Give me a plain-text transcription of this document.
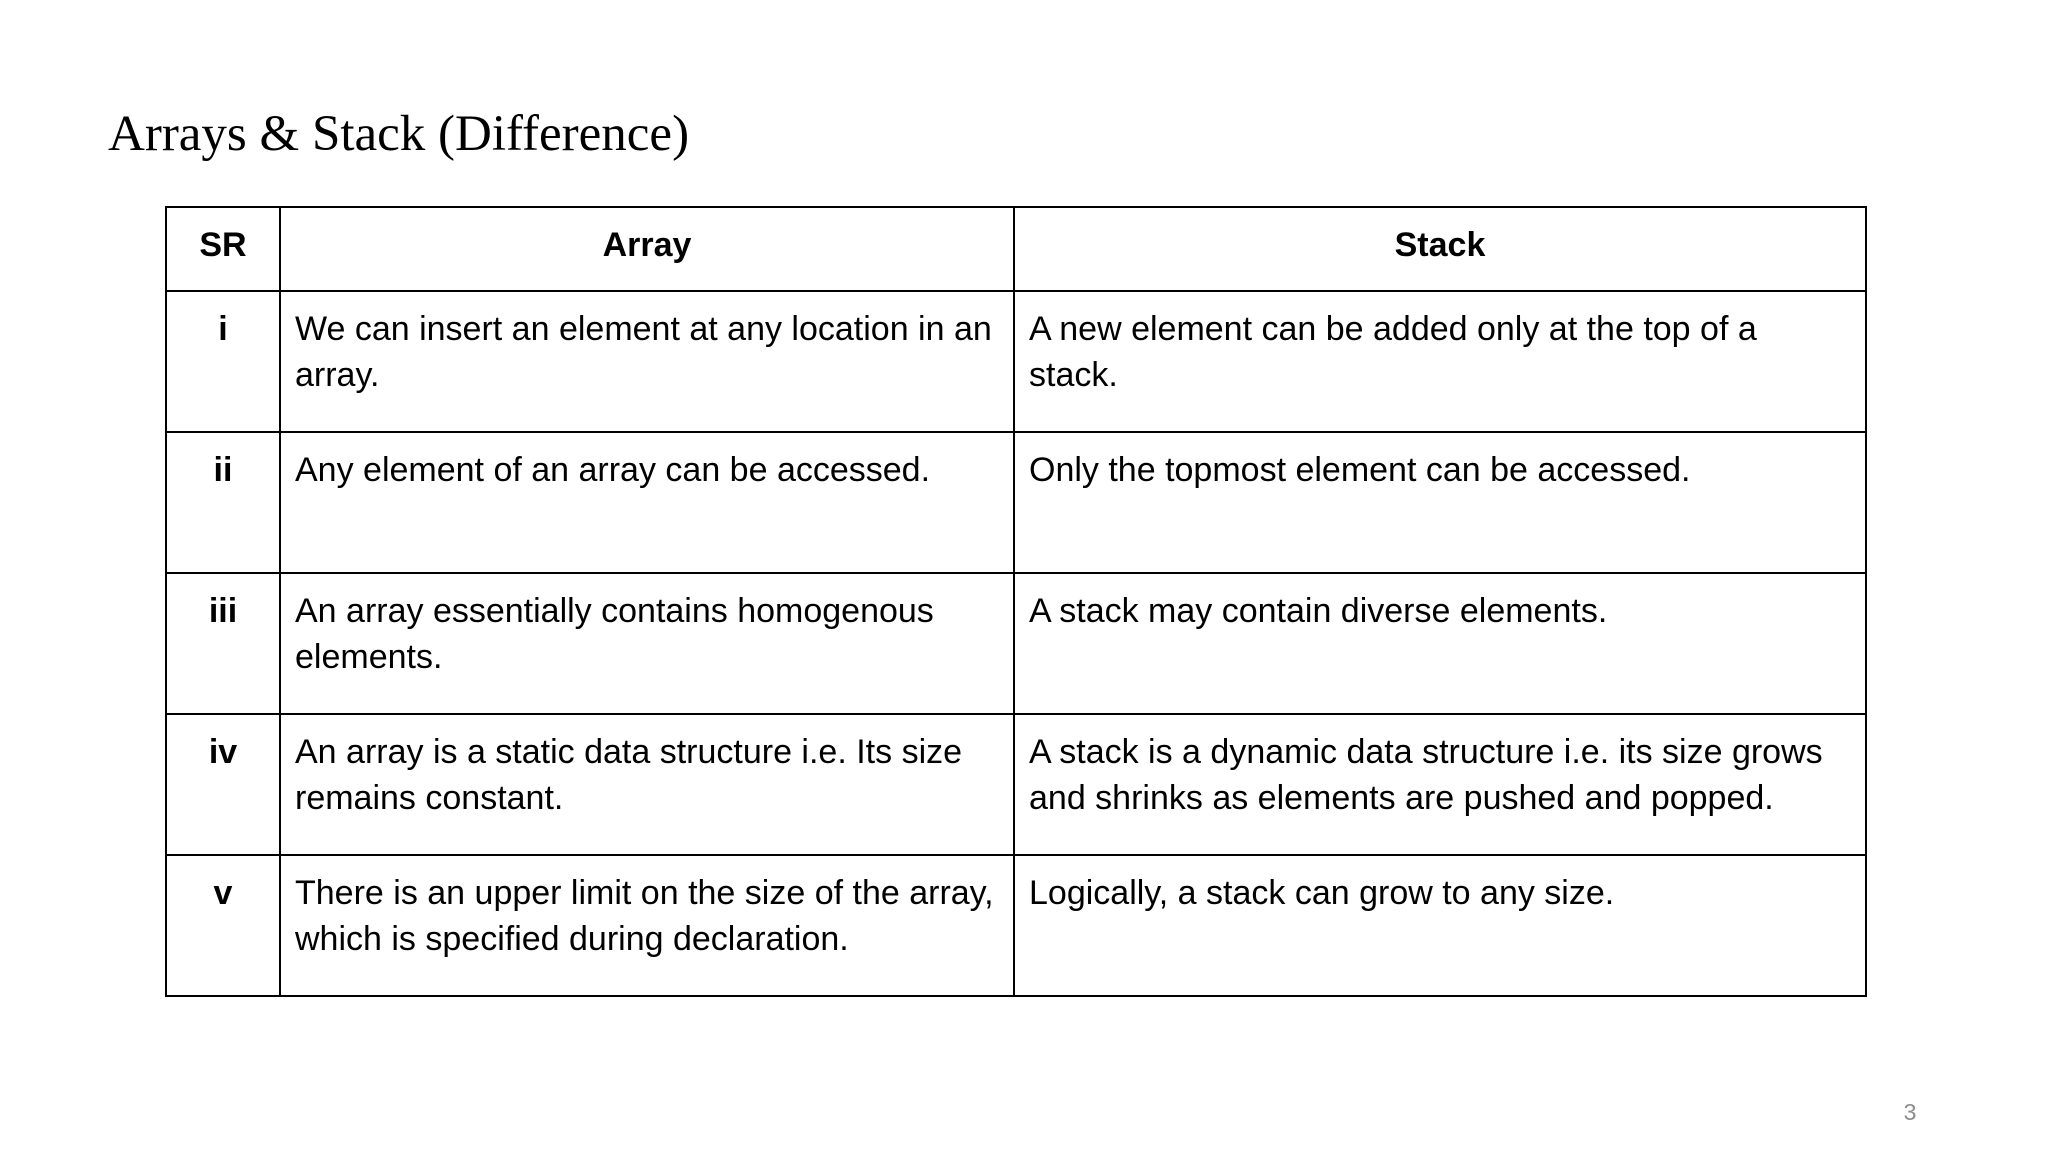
Arrays & Stack (Difference)
SR	Array	Stack
i	We can insert an element at any location in an array.	A new element can be added only at the top of a stack.
ii	Any element of an array can be accessed.	Only the topmost element can be accessed.
iii	An array essentially contains homogenous elements.	A stack may contain diverse elements.
iv	An array is a static data structure i.e. Its size remains constant.	A stack is a dynamic data structure i.e. its size grows and shrinks as elements are pushed and popped.
v	There is an upper limit on the size of the array, which is specified during declaration.	Logically, a stack can grow to any size.
3
